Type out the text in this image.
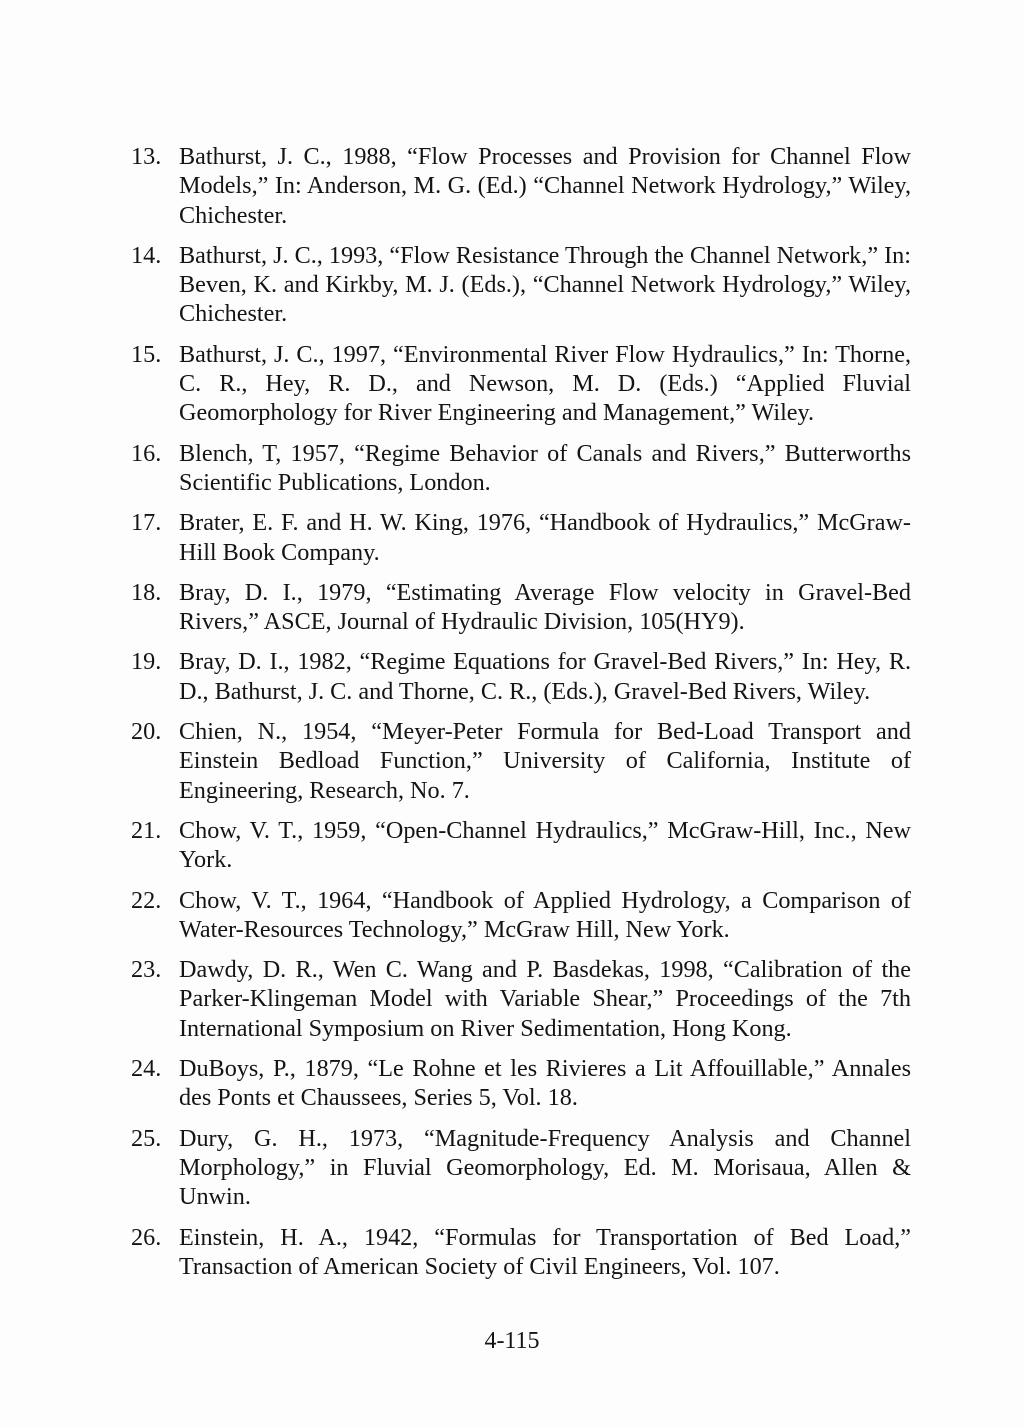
13. Bathurst, J. C., 1988, “Flow Processes and Provision for Channel Flow Models,” In: Anderson, M. G. (Ed.) “Channel Network Hydrology,” Wiley, Chichester.
14. Bathurst, J. C., 1993, “Flow Resistance Through the Channel Network,” In: Beven, K. and Kirkby, M. J. (Eds.), “Channel Network Hydrology,” Wiley, Chichester.
15. Bathurst, J. C., 1997, “Environmental River Flow Hydraulics,” In: Thorne, C. R., Hey, R. D., and Newson, M. D. (Eds.) “Applied Fluvial Geomorphology for River Engineering and Management,” Wiley.
16. Blench, T, 1957, “Regime Behavior of Canals and Rivers,” Butterworths Scientific Publications, London.
17. Brater, E. F. and H. W. King, 1976, “Handbook of Hydraulics,” McGraw-Hill Book Company.
18. Bray, D. I., 1979, “Estimating Average Flow velocity in Gravel-Bed Rivers,” ASCE, Journal of Hydraulic Division, 105(HY9).
19. Bray, D. I., 1982, “Regime Equations for Gravel-Bed Rivers,” In: Hey, R. D., Bathurst, J. C. and Thorne, C. R., (Eds.), Gravel-Bed Rivers, Wiley.
20. Chien, N., 1954, “Meyer-Peter Formula for Bed-Load Transport and Einstein Bedload Function,” University of California, Institute of Engineering, Research, No. 7.
21. Chow, V. T., 1959, “Open-Channel Hydraulics,” McGraw-Hill, Inc., New York.
22. Chow, V. T., 1964, “Handbook of Applied Hydrology, a Comparison of Water-Resources Technology,” McGraw Hill, New York.
23. Dawdy, D. R., Wen C. Wang and P. Basdekas, 1998, “Calibration of the Parker-Klingeman Model with Variable Shear,” Proceedings of the 7th International Symposium on River Sedimentation, Hong Kong.
24. DuBoys, P., 1879, “Le Rohne et les Rivieres a Lit Affouillable,” Annales des Ponts et Chaussees, Series 5, Vol. 18.
25. Dury, G. H., 1973, “Magnitude-Frequency Analysis and Channel Morphology,” in Fluvial Geomorphology, Ed. M. Morisaua, Allen & Unwin.
26. Einstein, H. A., 1942, “Formulas for Transportation of Bed Load,” Transaction of American Society of Civil Engineers, Vol. 107.
4-115
